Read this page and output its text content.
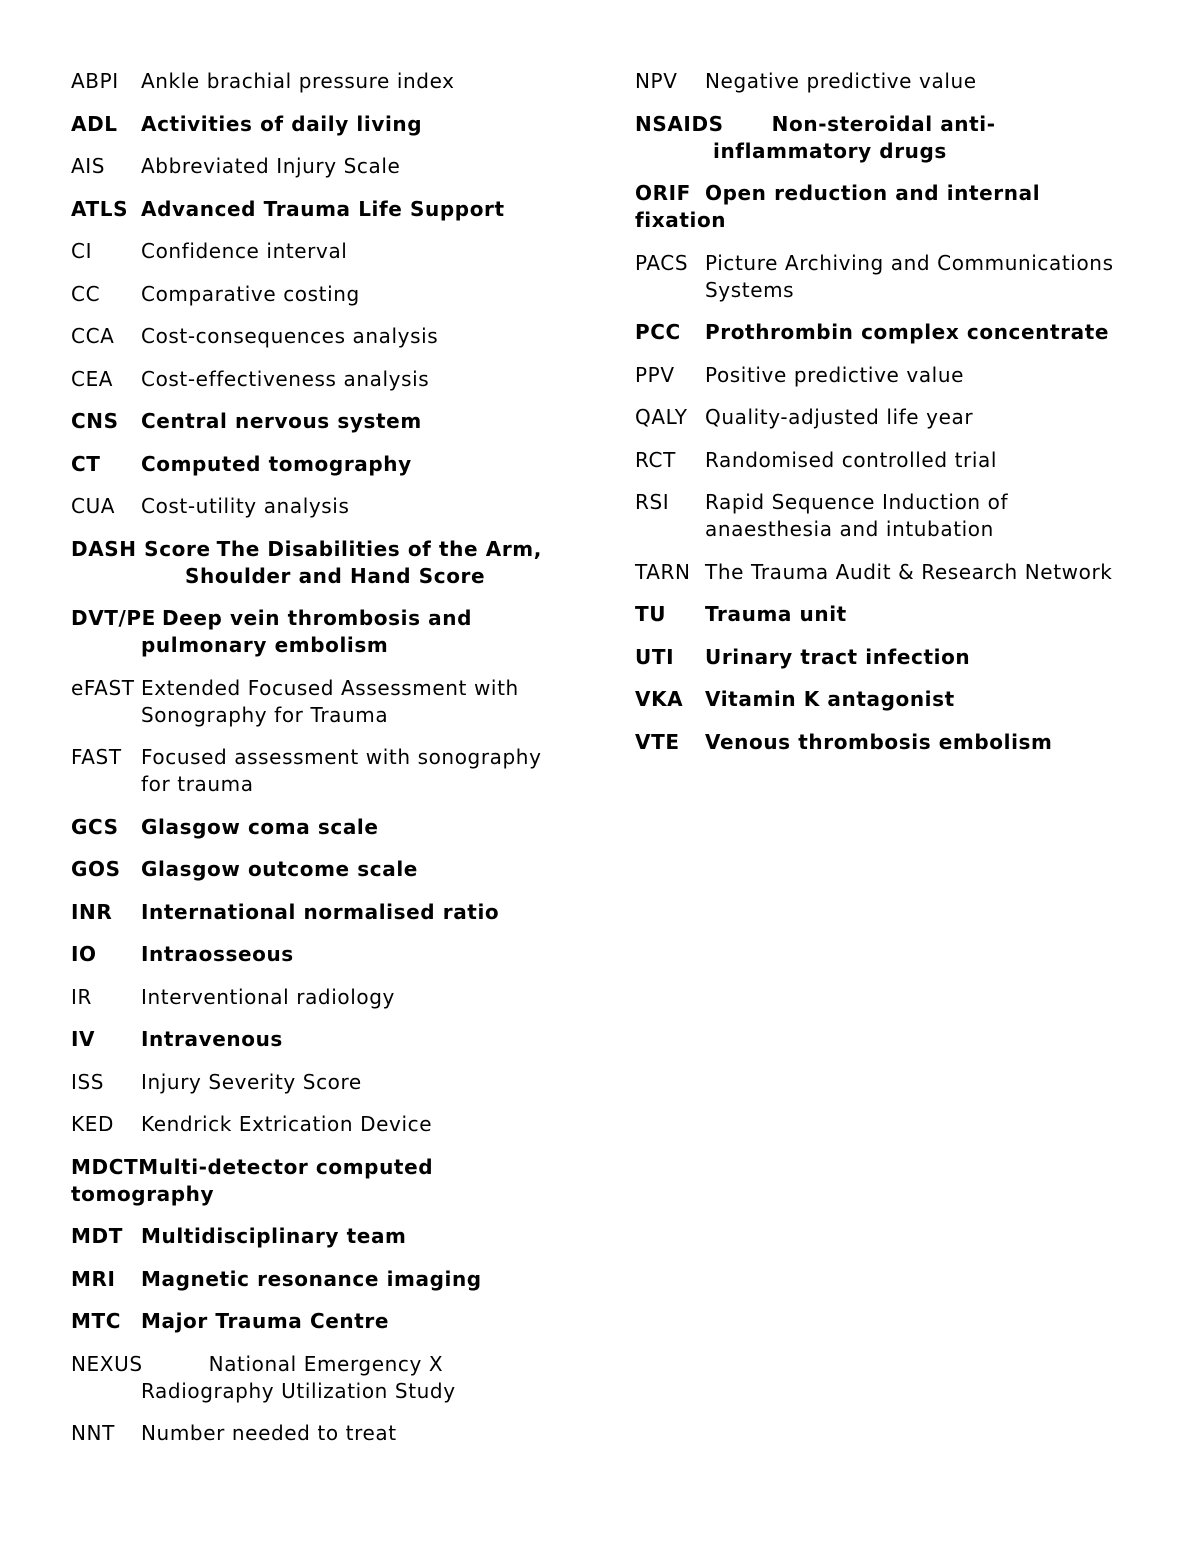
ABPI Ankle brachial pressure index
ADL Activities of daily living
AIS Abbreviated Injury Scale
ATLS Advanced Trauma Life Support
CI Confidence interval
CC Comparative costing
CCA Cost-consequences analysis
CEA Cost-effectiveness analysis
CNS Central nervous system
CT Computed tomography
CUA Cost-utility analysis
DASH Score The Disabilities of the Arm,
Shoulder and Hand Score
DVT/PE Deep vein thrombosis and
pulmonary embolism
eFAST Extended Focused Assessment with
Sonography for Trauma
FAST Focused assessment with sonography
for trauma
GCS Glasgow coma scale
GOS Glasgow outcome scale
INR International normalised ratio
IO Intraosseous
IR Interventional radiology
IV Intravenous
ISS Injury Severity Score
KED Kendrick Extrication Device
MDCTMulti-detector computed
tomography
MDT Multidisciplinary team
MRI Magnetic resonance imaging
MTC Major Trauma Centre
NEXUS	National Emergency X
Radiography Utilization Study
NNT Number needed to treat
NPV Negative predictive value
NSAIDS Non-steroidal anti-
inflammatory drugs
ORIF Open reduction and internal
fixation
PACS Picture Archiving and Communications
Systems
PCC Prothrombin complex concentrate
PPV Positive predictive value
QALY Quality-adjusted life year
RCT Randomised controlled trial
RSI Rapid Sequence Induction of
anaesthesia and intubation
TARN The Trauma Audit & Research Network
TU Trauma unit
UTI Urinary tract infection
VKA Vitamin K antagonist
VTE Venous thrombosis embolism
